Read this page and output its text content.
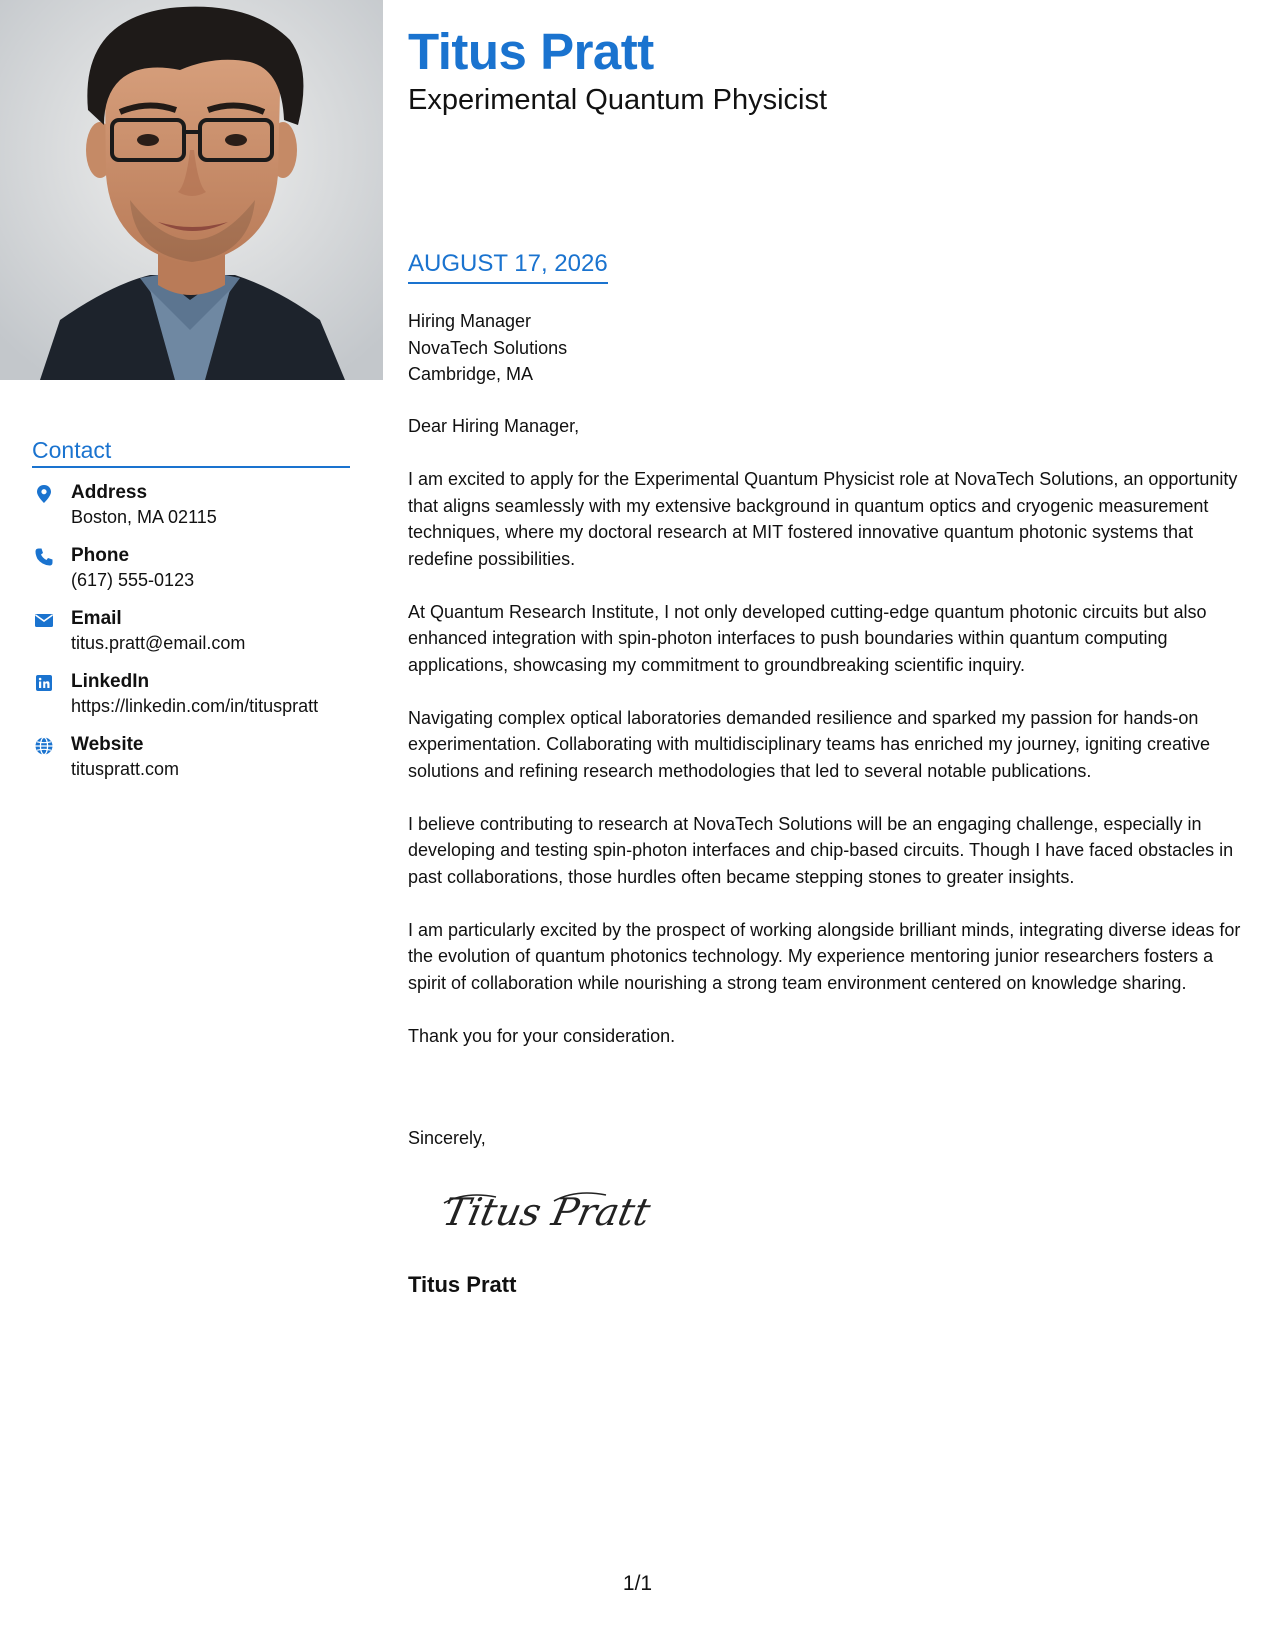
Contact
Address
Boston, MA 02115
Phone
(617) 555-0123
Email
titus.pratt@email.com
LinkedIn
https://linkedin.com/in/tituspratt
Website
tituspratt.com
Titus Pratt
Experimental Quantum Physicist
AUGUST 17, 2026
Hiring Manager
NovaTech Solutions
Cambridge, MA

Dear Hiring Manager,

I am excited to apply for the Experimental Quantum Physicist role at NovaTech Solutions, an opportunity that aligns seamlessly with my extensive background in quantum optics and cryogenic measurement techniques, where my doctoral research at MIT fostered innovative quantum photonic systems that redefine possibilities.

At Quantum Research Institute, I not only developed cutting-edge quantum photonic circuits but also enhanced integration with spin-photon interfaces to push boundaries within quantum computing applications, showcasing my commitment to groundbreaking scientific inquiry.

Navigating complex optical laboratories demanded resilience and sparked my passion for hands-on experimentation. Collaborating with multidisciplinary teams has enriched my journey, igniting creative solutions and refining research methodologies that led to several notable publications.

I believe contributing to research at NovaTech Solutions will be an engaging challenge, especially in developing and testing spin-photon interfaces and chip-based circuits. Though I have faced obstacles in past collaborations, those hurdles often became stepping stones to greater insights.

I am particularly excited by the prospect of working alongside brilliant minds, integrating diverse ideas for the evolution of quantum photonics technology. My experience mentoring junior researchers fosters a spirit of collaboration while nourishing a strong team environment centered on knowledge sharing.

Thank you for your consideration.

Sincerely,
Titus Pratt
Titus Pratt
1/1
